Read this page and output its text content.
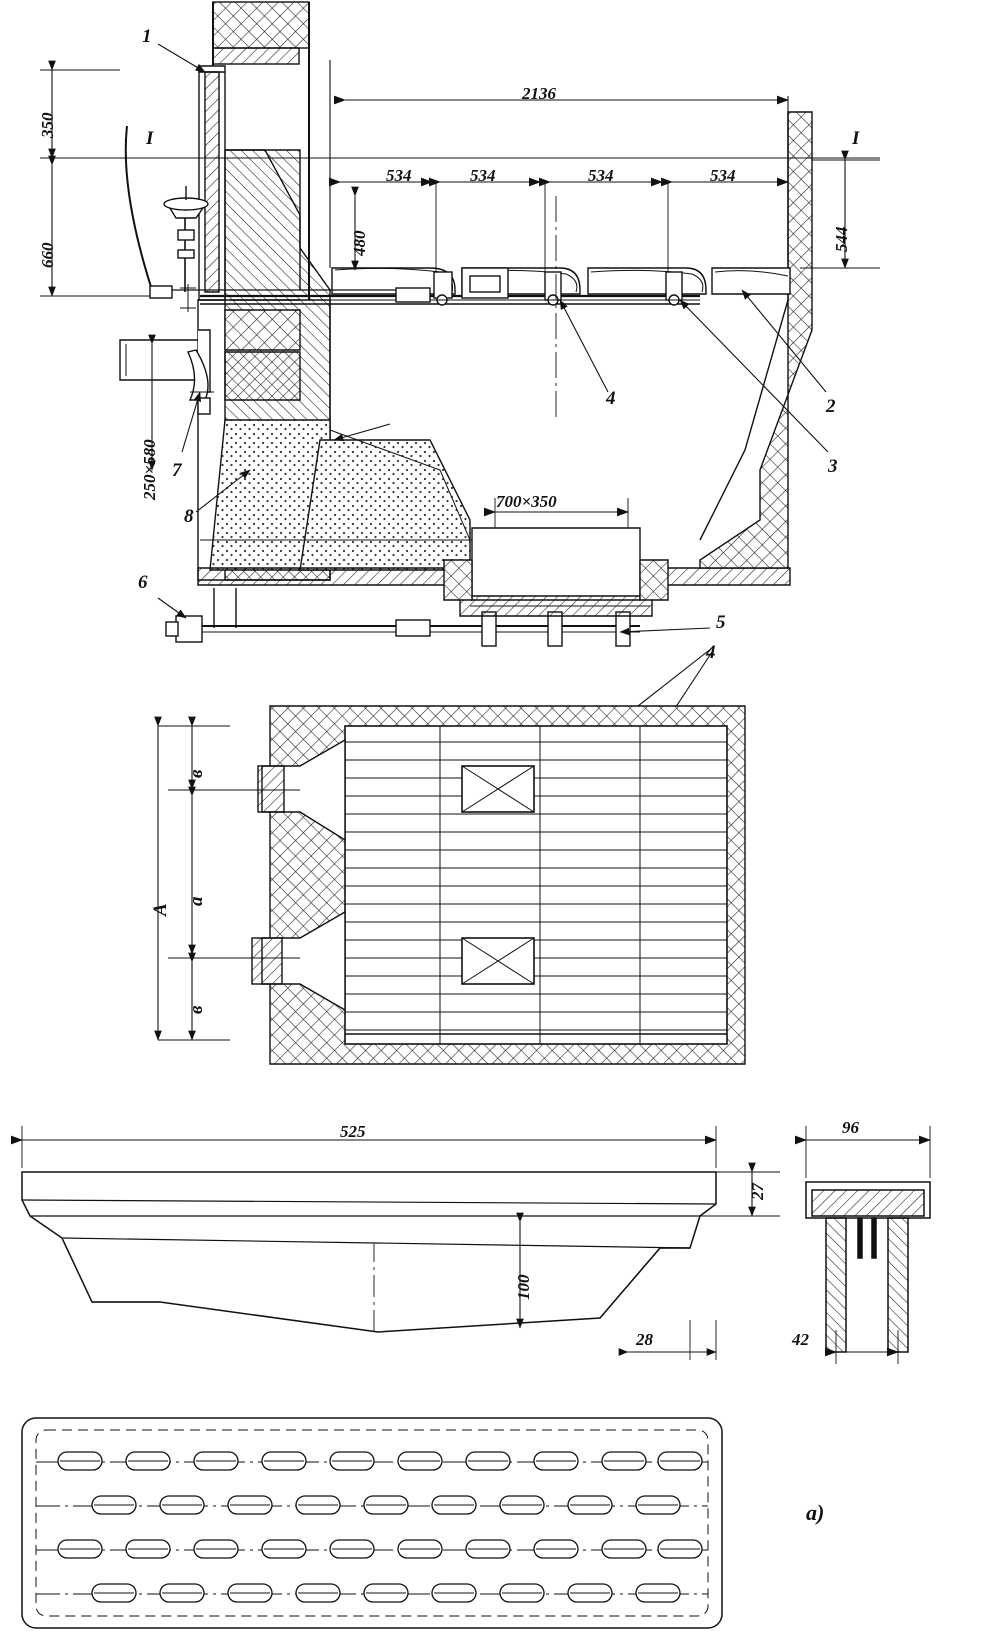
1
2
3
4
4
5
6
7
8
I	I
2136
534	534	534	534
350
660
544
480
250×580
700×350
A
a
в
в
525	96
27
100
28	42
a)
